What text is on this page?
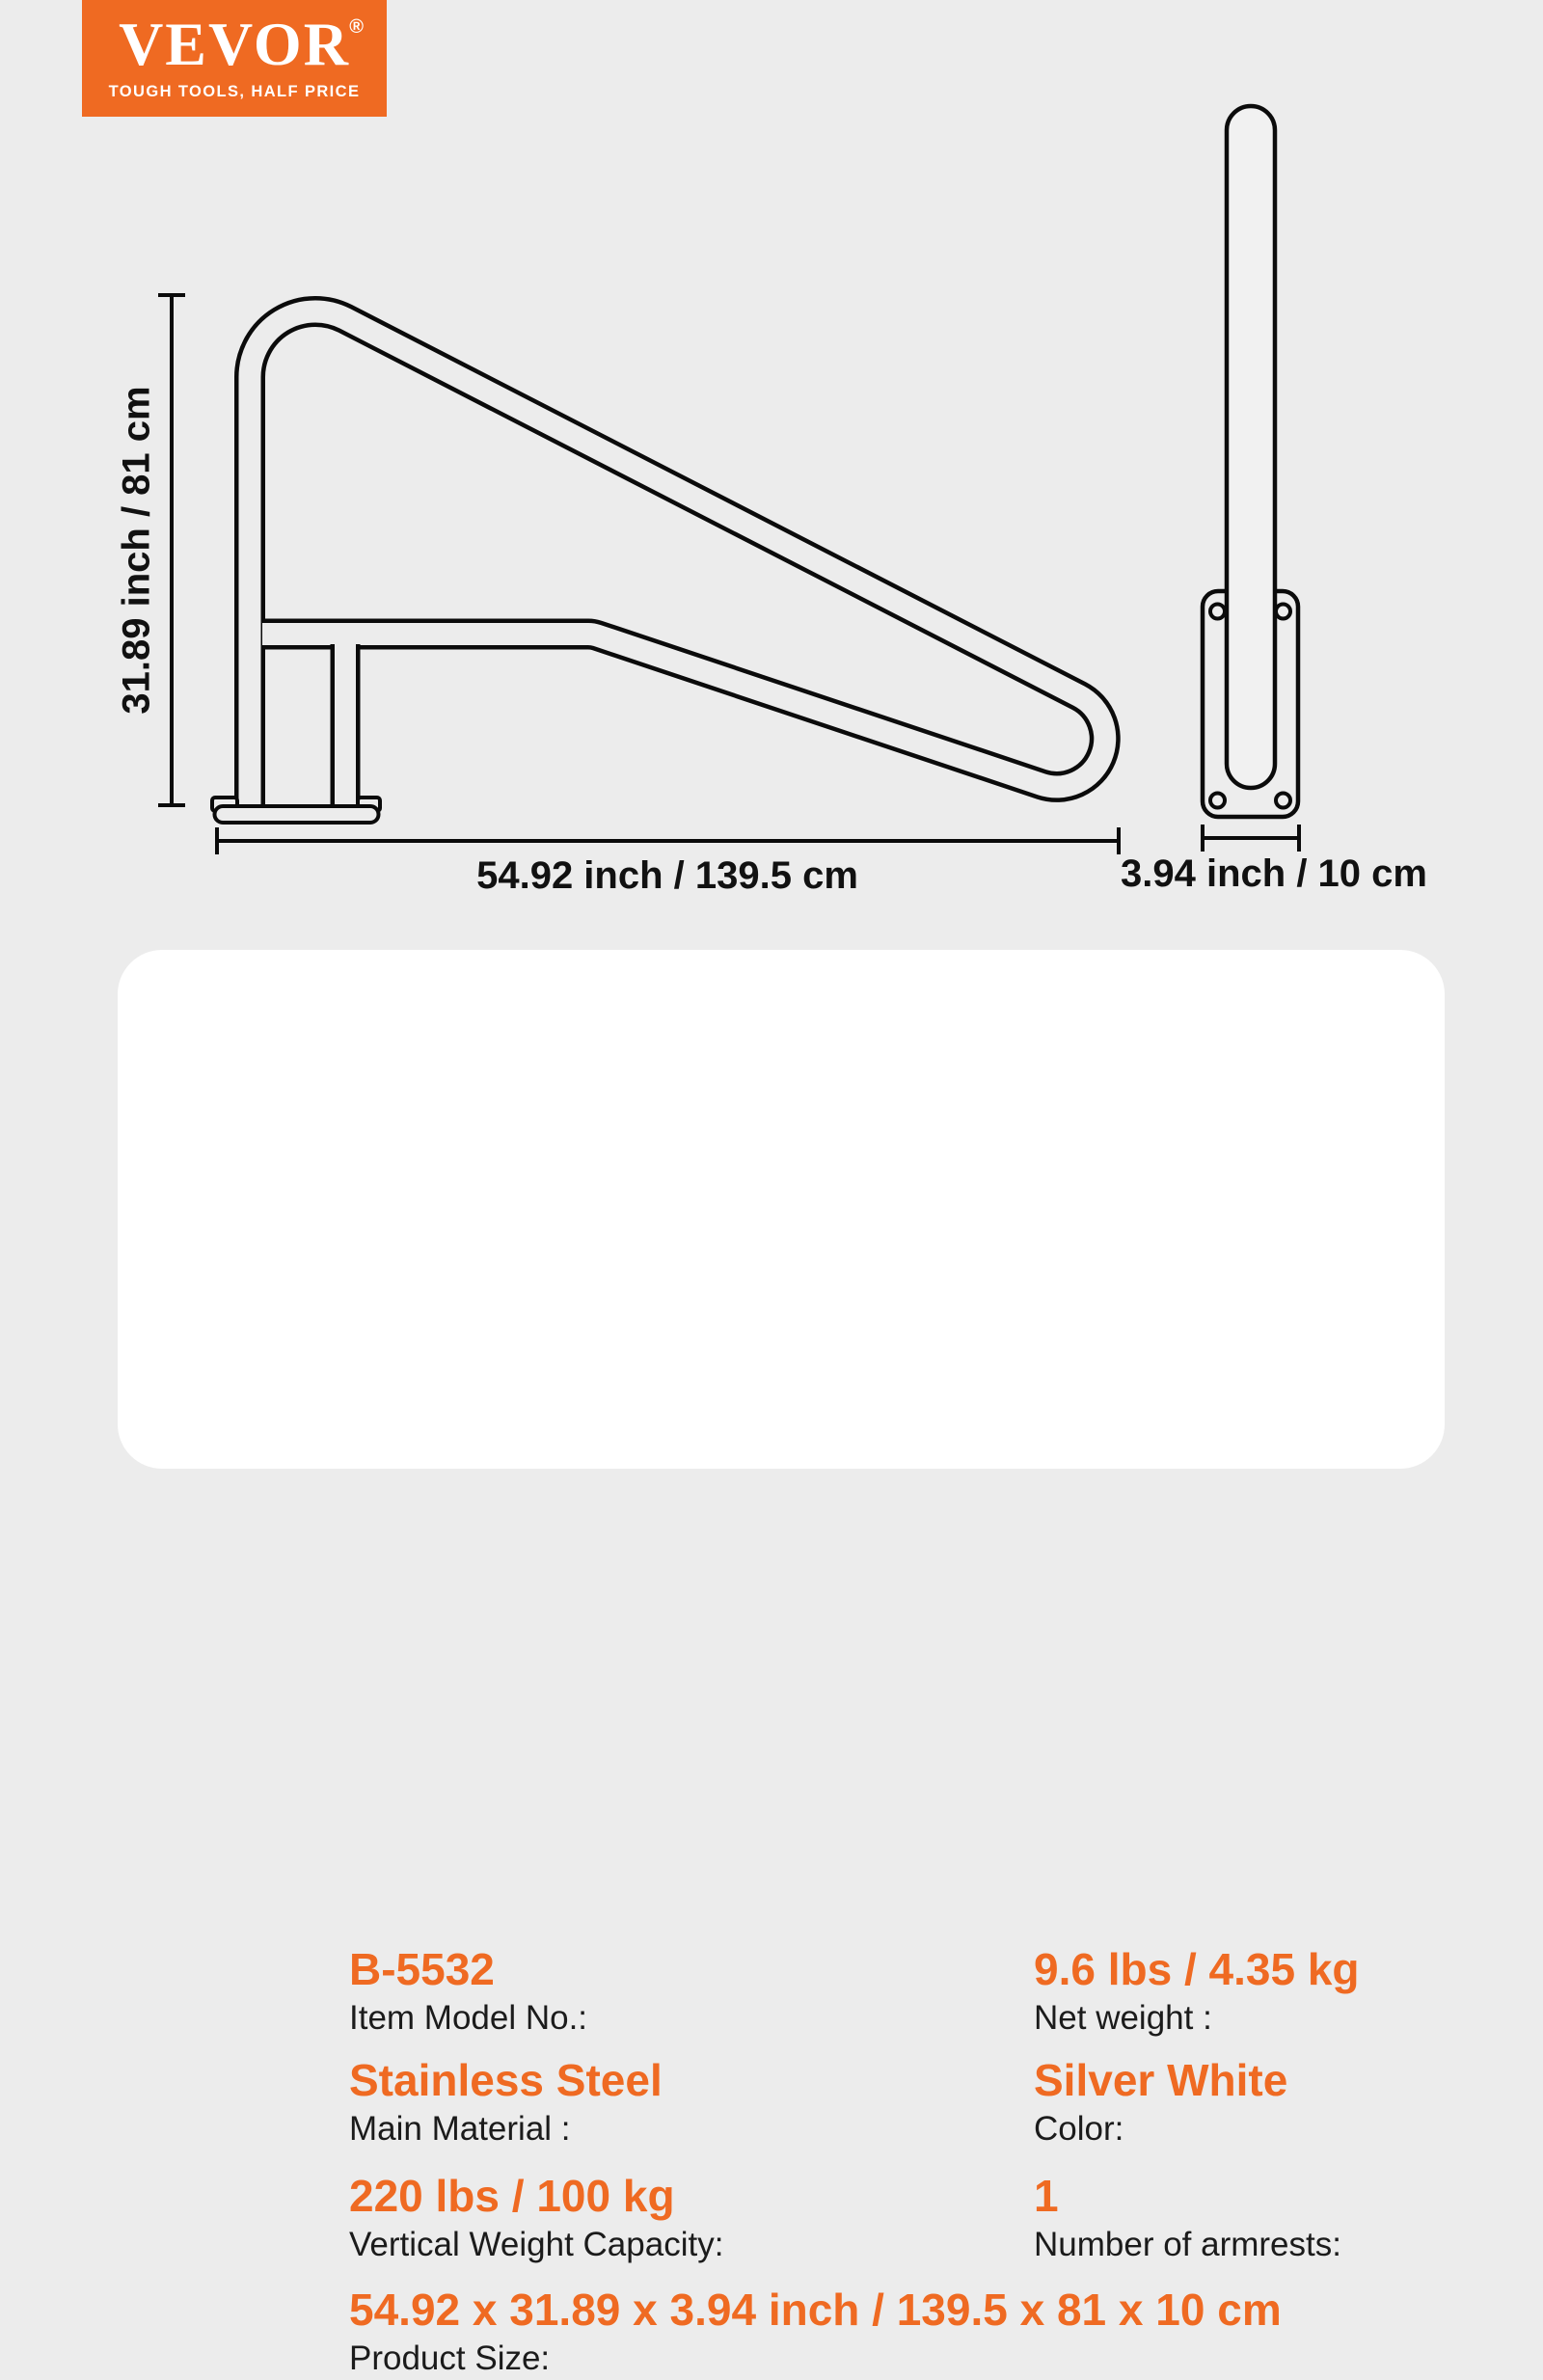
VEVOR ®
TOUGH TOOLS, HALF PRICE
31.89 inch / 81 cm
54.92 inch / 139.5 cm	3.94 inch / 10 cm
B-5532
Item Model No.:
Stainless Steel
Main Material :
220 lbs / 100 kg
Vertical Weight Capacity:
54.92 x 31.89 x 3.94 inch / 139.5 x 81 x 10 cm
Product Size:
9.6 lbs / 4.35 kg
Net weight :
Silver White
Color:
1
Number of armrests:
